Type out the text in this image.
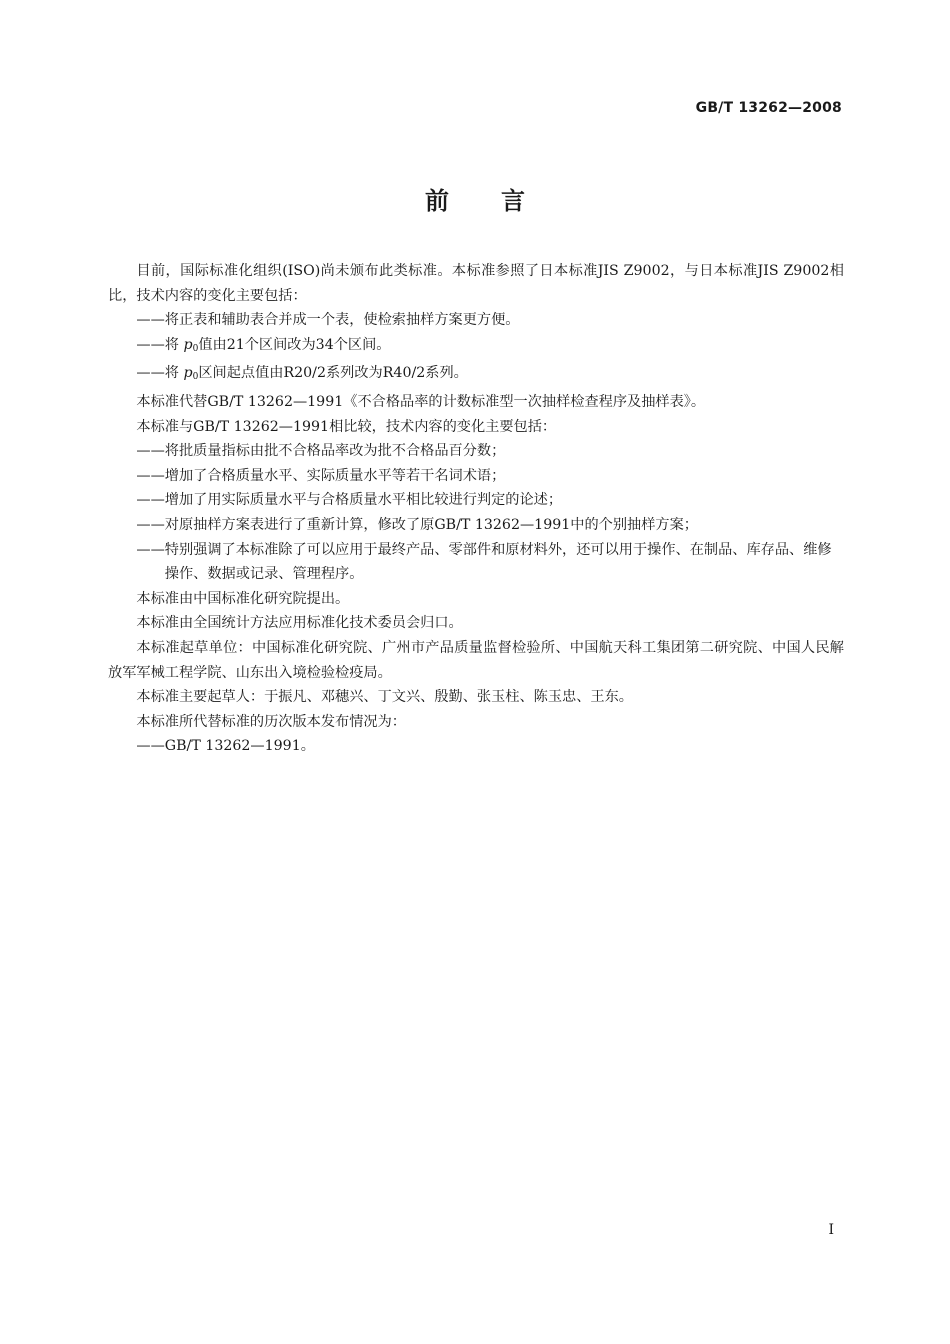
GB/T 13262—2008
前 言

目前，国际标准化组织(ISO)尚未颁布此类标准。本标准参照了日本标准JIS Z9002，与日本标准JIS Z9002相比，技术内容的变化主要包括：

——将正表和辅助表合并成一个表，使检索抽样方案更方便。

——将 $p_0$值由21个区间改为34个区间。

——将 $p_0$区间起点值由R20/2系列改为R40/2系列。

本标准代替GB/T 13262—1991《不合格品率的计数标准型一次抽样检查程序及抽样表》。

本标准与GB/T 13262—1991相比较，技术内容的变化主要包括：

——将批质量指标由批不合格品率改为批不合格品百分数；

——增加了合格质量水平、实际质量水平等若干名词术语；

——增加了用实际质量水平与合格质量水平相比较进行判定的论述；

——对原抽样方案表进行了重新计算，修改了原GB/T 13262—1991中的个别抽样方案；

——特别强调了本标准除了可以应用于最终产品、零部件和原材料外，还可以用于操作、在制品、库存品、维修操作、数据或记录、管理程序。

本标准由中国标准化研究院提出。

本标准由全国统计方法应用标准化技术委员会归口。

本标准起草单位：中国标准化研究院、广州市产品质量监督检验所、中国航天科工集团第二研究院、中国人民解放军军械工程学院、山东出入境检验检疫局。

本标准主要起草人：于振凡、邓穗兴、丁文兴、殷勤、张玉柱、陈玉忠、王东。

本标准所代替标准的历次版本发布情况为：

——GB/T 13262—1991。

I
